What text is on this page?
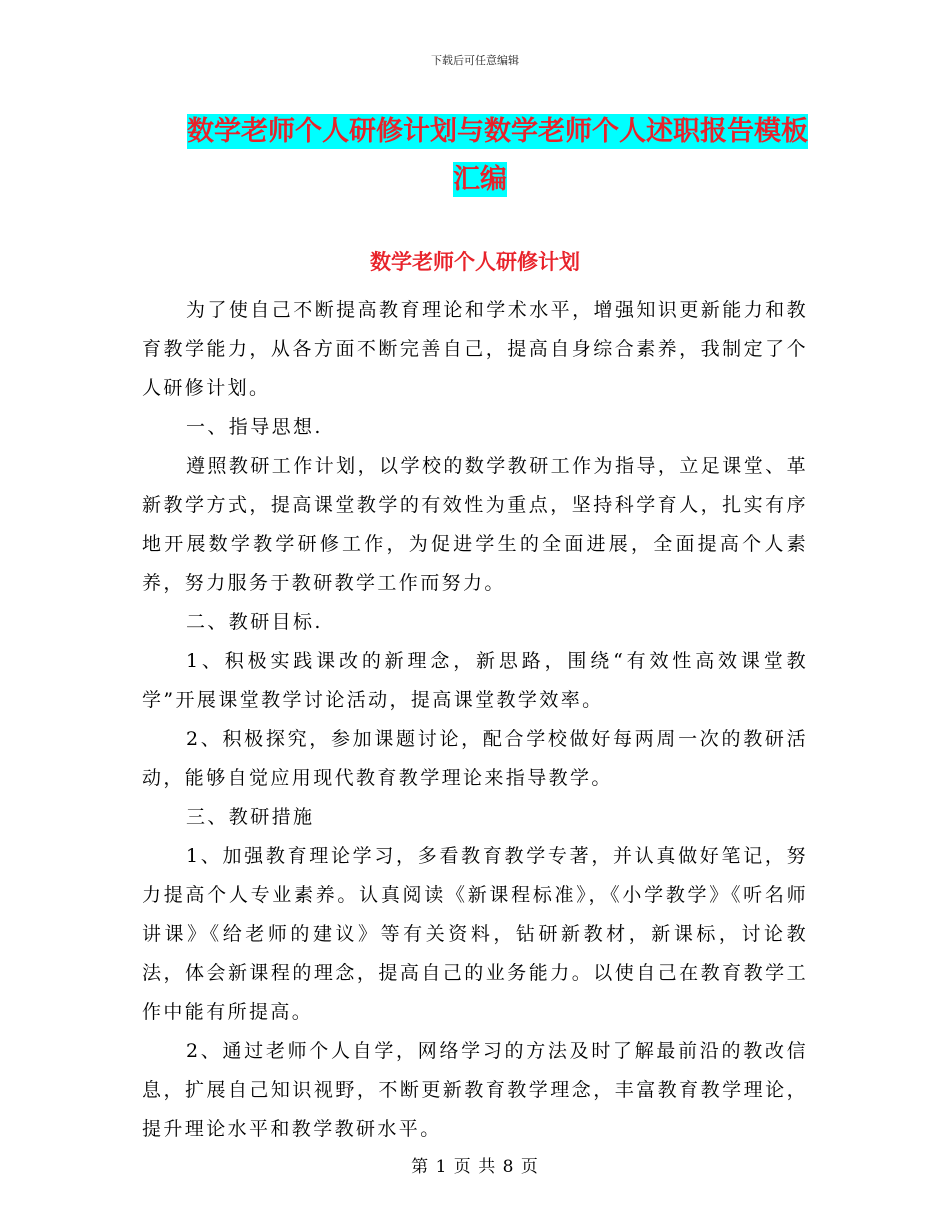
下载后可任意编辑
数学老师个人研修计划与数学老师个人述职报告模板
汇编
数学老师个人研修计划

为了使自己不断提高教育理论和学术水平，增强知识更新能力和教育教学能力，从各方面不断完善自己，提高自身综合素养，我制定了个人研修计划。

一、指导思想.

遵照教研工作计划，以学校的数学教研工作为指导，立足课堂、革新教学方式，提高课堂教学的有效性为重点，坚持科学育人，扎实有序地开展数学教学研修工作，为促进学生的全面进展，全面提高个人素养，努力服务于教研教学工作而努力。

二、教研目标.

1、积极实践课改的新理念，新思路，围绕“有效性高效课堂教学”开展课堂教学讨论活动，提高课堂教学效率。

2、积极探究，参加课题讨论，配合学校做好每两周一次的教研活动，能够自觉应用现代教育教学理论来指导教学。

三、教研措施

1、加强教育理论学习，多看教育教学专著，并认真做好笔记，努力提高个人专业素养。认真阅读《新课程标准》，《小学教学》《听名师讲课》《给老师的建议》等有关资料，钻研新教材，新课标，讨论教法，体会新课程的理念，提高自己的业务能力。以使自己在教育教学工作中能有所提高。

2、通过老师个人自学，网络学习的方法及时了解最前沿的教改信息，扩展自己知识视野，不断更新教育教学理念，丰富教育教学理论，提升理论水平和教学教研水平。

第 1 页 共 8 页
